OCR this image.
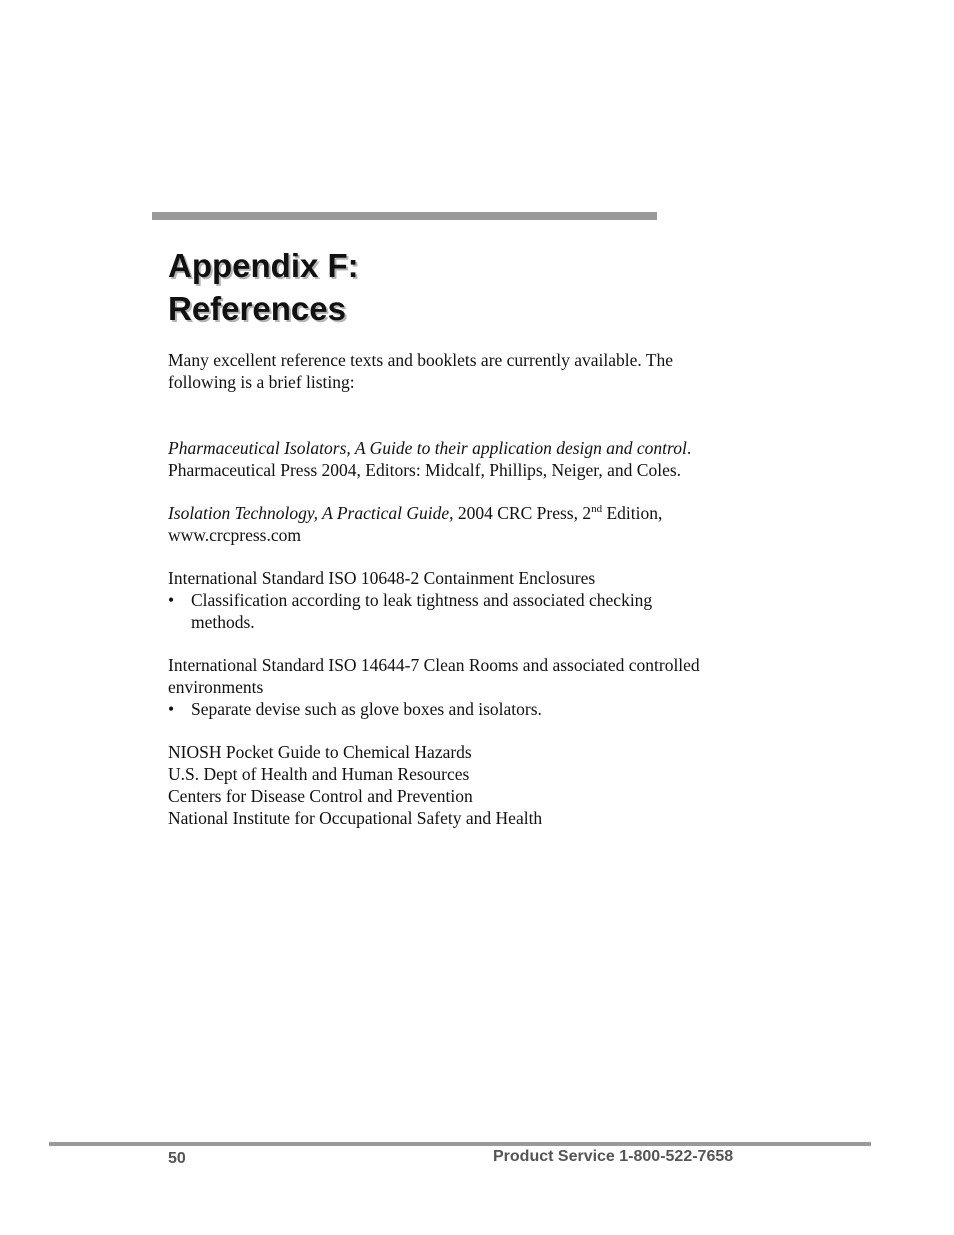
Appendix F:
References

Many excellent reference texts and booklets are currently available. The

following is a brief listing:

Pharmaceutical Isolators, A Guide to their application design and control.

Pharmaceutical Press 2004, Editors: Midcalf, Phillips, Neiger, and Coles.

Isolation Technology, A Practical Guide, 2004 CRC Press, 2nd Edition,

www.crcpress.com

International Standard ISO 10648-2 Containment Enclosures

• Classification according to leak tightness and associated checking

methods.

International Standard ISO 14644-7 Clean Rooms and associated controlled

environments

• Separate devise such as glove boxes and isolators.

NIOSH Pocket Guide to Chemical Hazards

U.S. Dept of Health and Human Resources

Centers for Disease Control and Prevention

National Institute for Occupational Safety and Health

50	Product Service 1-800-522-7658
